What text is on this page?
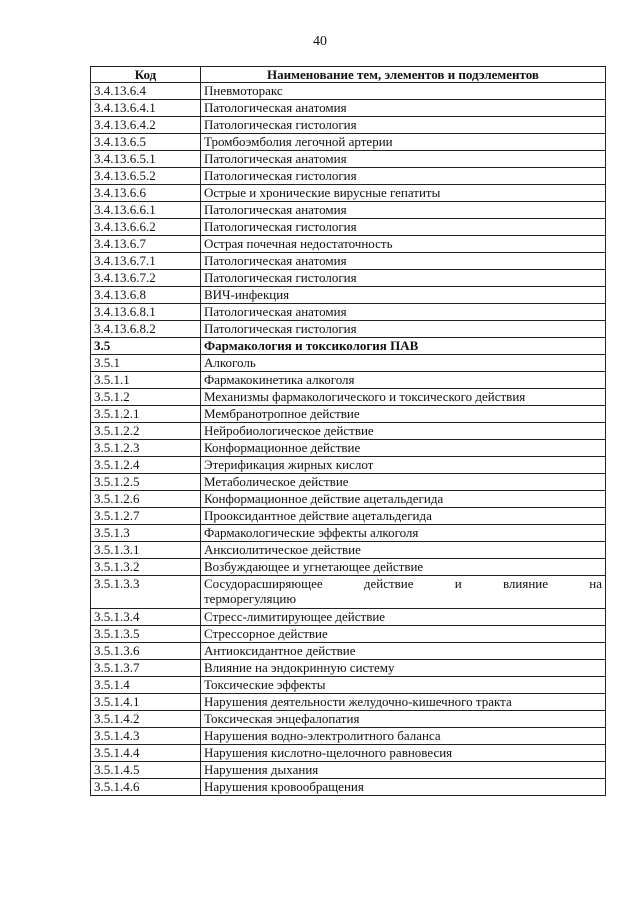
40
Код	Наименование тем, элементов и подэлементов
3.4.13.6.4	Пневмоторакс
3.4.13.6.4.1	Патологическая анатомия
3.4.13.6.4.2	Патологическая гистология
3.4.13.6.5	Тромбоэмболия легочной артерии
3.4.13.6.5.1	Патологическая анатомия
3.4.13.6.5.2	Патологическая гистология
3.4.13.6.6	Острые и хронические вирусные гепатиты
3.4.13.6.6.1	Патологическая анатомия
3.4.13.6.6.2	Патологическая гистология
3.4.13.6.7	Острая почечная недостаточность
3.4.13.6.7.1	Патологическая анатомия
3.4.13.6.7.2	Патологическая гистология
3.4.13.6.8	ВИЧ-инфекция
3.4.13.6.8.1	Патологическая анатомия
3.4.13.6.8.2	Патологическая гистология
3.5	Фармакология и токсикология ПАВ
3.5.1	Алкоголь
3.5.1.1	Фармакокинетика алкоголя
3.5.1.2	Механизмы фармакологического и токсического действия
3.5.1.2.1	Мембранотропное действие
3.5.1.2.2	Нейробиологическое действие
3.5.1.2.3	Конформационное действие
3.5.1.2.4	Этерификация жирных кислот
3.5.1.2.5	Метаболическое действие
3.5.1.2.6	Конформационное действие ацетальдегида
3.5.1.2.7	Прооксидантное действие ацетальдегида
3.5.1.3	Фармакологические эффекты алкоголя
3.5.1.3.1	Анксиолитическое действие
3.5.1.3.2	Возбуждающее и угнетающее действие
3.5.1.3.3	Сосудорасширяющее действие и влияние на
терморегуляцию
3.5.1.3.4	Стресс-лимитирующее действие
3.5.1.3.5	Стрессорное действие
3.5.1.3.6	Антиоксидантное действие
3.5.1.3.7	Влияние на эндокринную систему
3.5.1.4	Токсические эффекты
3.5.1.4.1	Нарушения деятельности желудочно-кишечного тракта
3.5.1.4.2	Токсическая энцефалопатия
3.5.1.4.3	Нарушения водно-электролитного баланса
3.5.1.4.4	Нарушения кислотно-щелочного равновесия
3.5.1.4.5	Нарушения дыхания
3.5.1.4.6	Нарушения кровообращения
